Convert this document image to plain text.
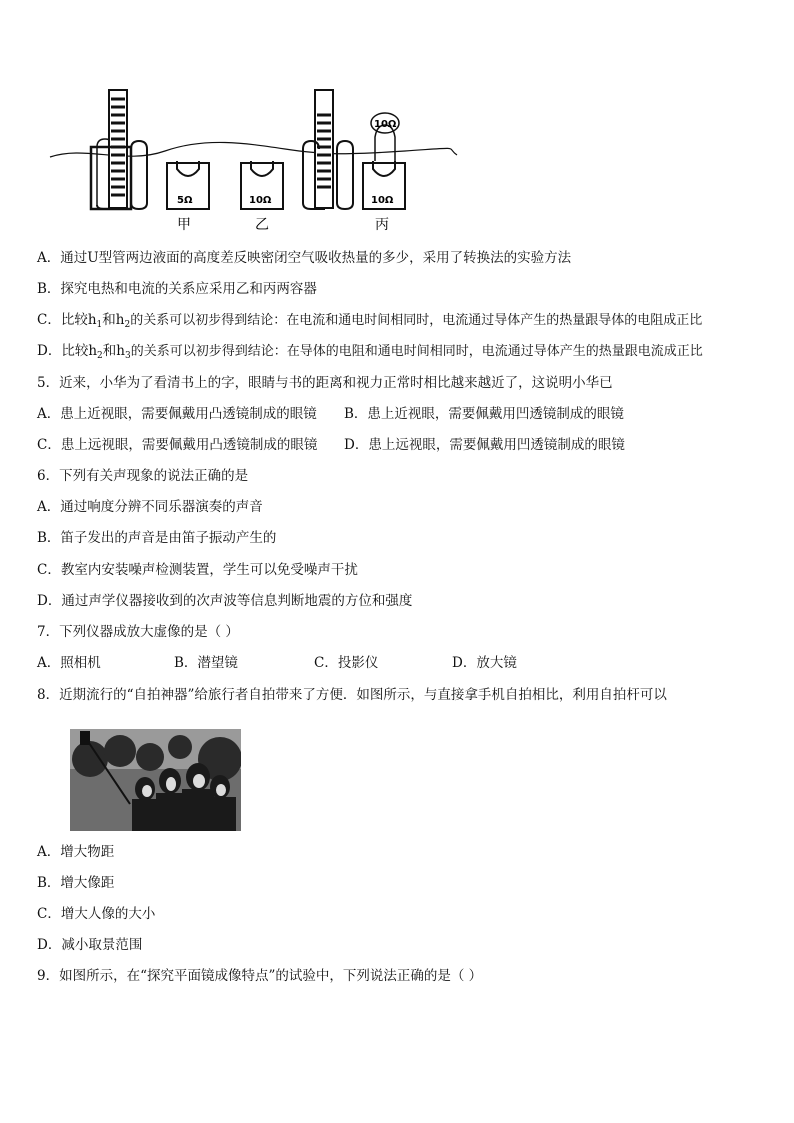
5Ω	10Ω	10Ω
10Ω
甲	乙	丙
A．通过U型管两边液面的高度差反映密闭空气吸收热量的多少，采用了转换法的实验方法
B．探究电热和电流的关系应采用乙和丙两容器
C．比较$h_1$和$h_2$的关系可以初步得到结论：在电流和通电时间相同时，电流通过导体产生的热量跟导体的电阻成正比
D．比较$h_2$和$h_3$的关系可以初步得到结论：在导体的电阻和通电时间相同时，电流通过导体产生的热量跟电流成正比
5．近来，小华为了看清书上的字，眼睛与书的距离和视力正常时相比越来越近了，这说明小华已
A．患上近视眼，需要佩戴用凸透镜制成的眼镜 B．患上近视眼，需要佩戴用凹透镜制成的眼镜
C．患上远视眼，需要佩戴用凸透镜制成的眼镜 D．患上远视眼，需要佩戴用凹透镜制成的眼镜
6．下列有关声现象的说法正确的是
A．通过响度分辨不同乐器演奏的声音
B．笛子发出的声音是由笛子振动产生的
C．教室内安装噪声检测装置，学生可以免受噪声干扰
D．通过声学仪器接收到的次声波等信息判断地震的方位和强度
7．下列仪器成放大虚像的是（ ）
A．照相机	B．潜望镜	C．投影仪	D．放大镜
8．近期流行的“自拍神器”给旅行者自拍带来了方便．如图所示，与直接拿手机自拍相比，利用自拍杆可以
A．增大物距
B．增大像距
C．增大人像的大小
D．减小取景范围
9．如图所示，在“探究平面镜成像特点”的试验中，下列说法正确的是（ ）
